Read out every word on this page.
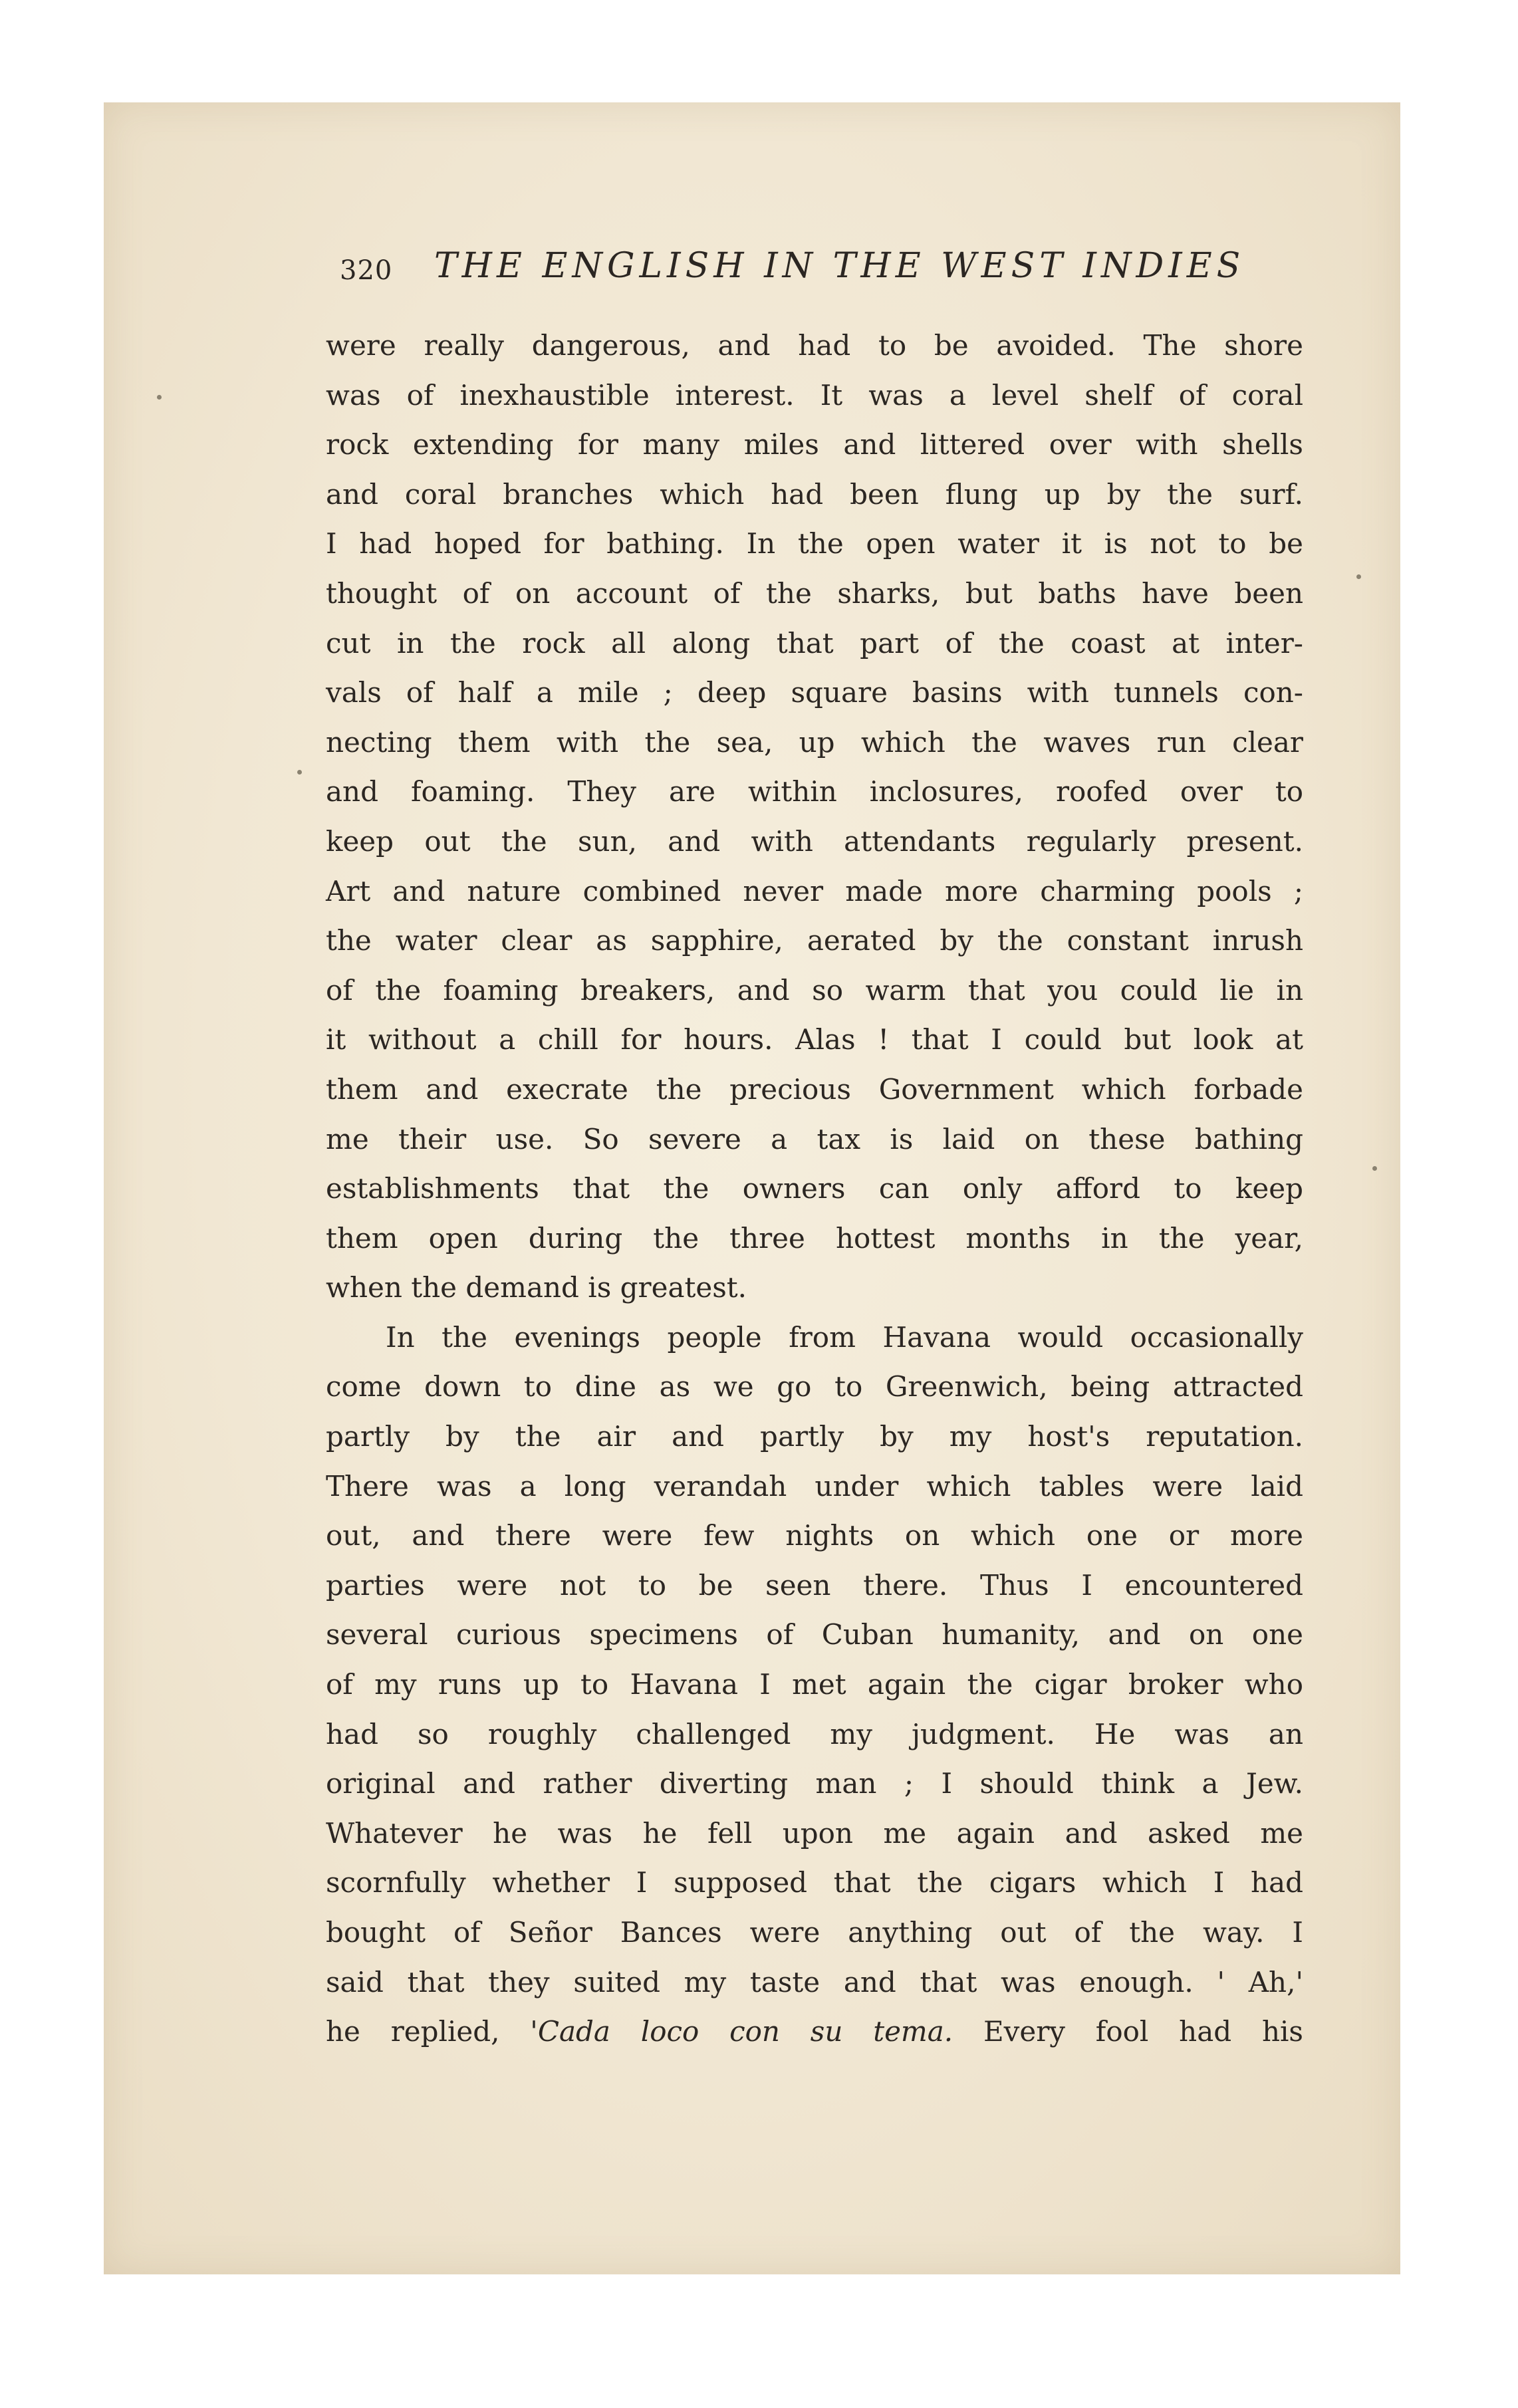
320 THE ENGLISH IN THE WEST INDIES
were really dangerous, and had to be avoided. The shore
was of inexhaustible interest. It was a level shelf of coral
rock extending for many miles and littered over with shells
and coral branches which had been flung up by the surf.
I had hoped for bathing. In the open water it is not to be
thought of on account of the sharks, but baths have been
cut in the rock all along that part of the coast at inter-
vals of half a mile ; deep square basins with tunnels con-
necting them with the sea, up which the waves run clear
and foaming. They are within inclosures, roofed over to
keep out the sun, and with attendants regularly present.
Art and nature combined never made more charming pools ;
the water clear as sapphire, aerated by the constant inrush
of the foaming breakers, and so warm that you could lie in
it without a chill for hours. Alas ! that I could but look at
them and execrate the precious Government which forbade
me their use. So severe a tax is laid on these bathing
establishments that the owners can only afford to keep
them open during the three hottest months in the year,
when the demand is greatest.
In the evenings people from Havana would occasionally
come down to dine as we go to Greenwich, being attracted
partly by the air and partly by my host's reputation.
There was a long verandah under which tables were laid
out, and there were few nights on which one or more
parties were not to be seen there. Thus I encountered
several curious specimens of Cuban humanity, and on one
of my runs up to Havana I met again the cigar broker who
had so roughly challenged my judgment. He was an
original and rather diverting man ; I should think a Jew.
Whatever he was he fell upon me again and asked me
scornfully whether I supposed that the cigars which I had
bought of Señor Bances were anything out of the way. I
said that they suited my taste and that was enough. ' Ah,'
he replied, 'Cada loco con su tema. Every fool had his
